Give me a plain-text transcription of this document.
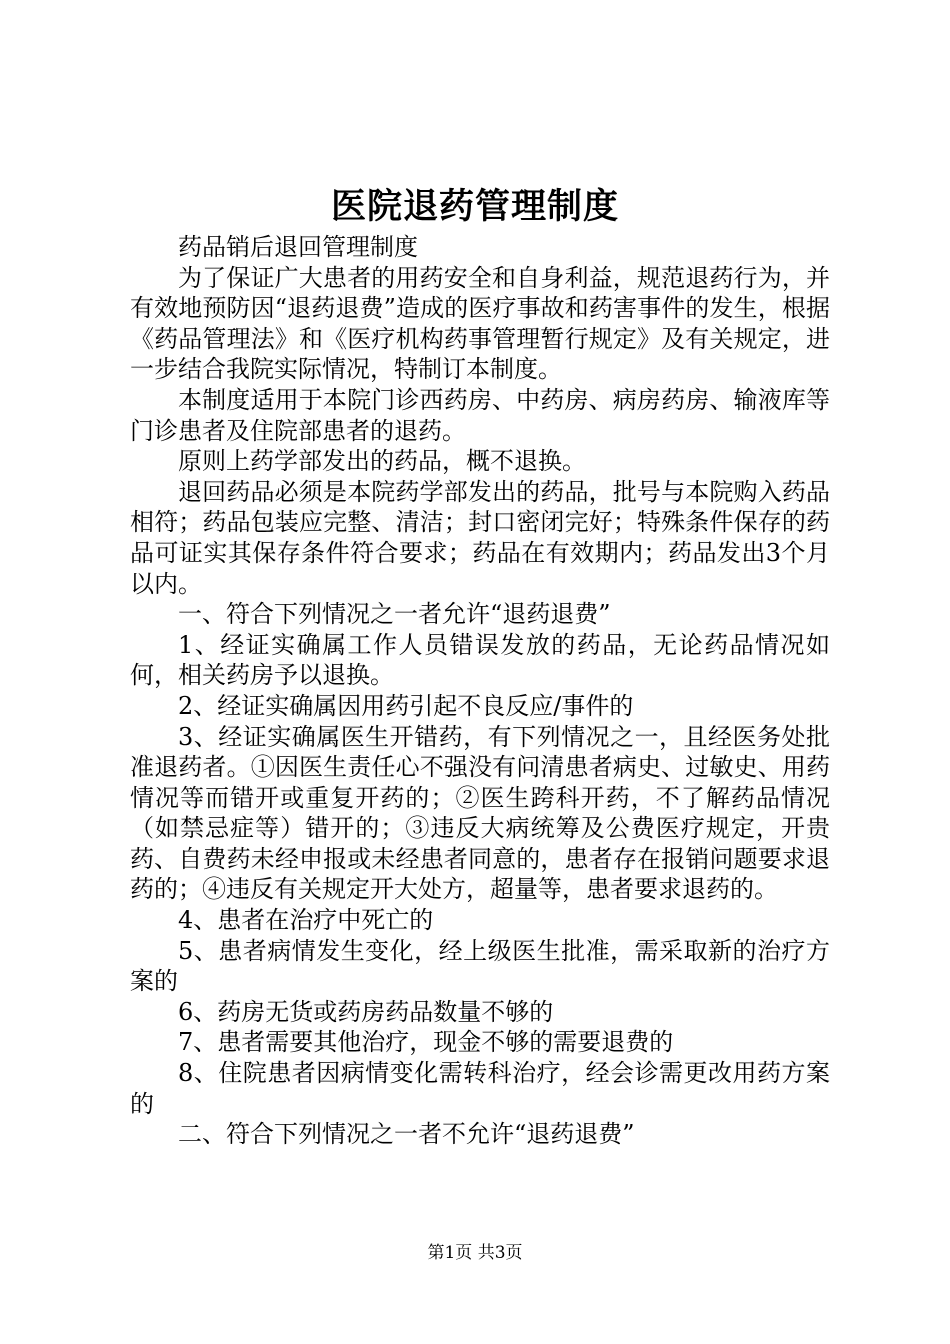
医院退药管理制度

药品销后退回管理制度

为了保证广大患者的用药安全和自身利益，规范退药行为，并有效地预防因“退药退费”造成的医疗事故和药害事件的发生，根据《药品管理法》和《医疗机构药事管理暂行规定》及有关规定，进一步结合我院实际情况，特制订本制度。

本制度适用于本院门诊西药房、中药房、病房药房、输液库等门诊患者及住院部患者的退药。

原则上药学部发出的药品，概不退换。

退回药品必须是本院药学部发出的药品，批号与本院购入药品相符；药品包装应完整、清洁；封口密闭完好；特殊条件保存的药品可证实其保存条件符合要求；药品在有效期内；药品发出3个月以内。

一、符合下列情况之一者允许“退药退费”

1、经证实确属工作人员错误发放的药品，无论药品情况如何，相关药房予以退换。

2、经证实确属因用药引起不良反应/事件的

3、经证实确属医生开错药，有下列情况之一，且经医务处批准退药者。①因医生责任心不强没有问清患者病史、过敏史、用药情况等而错开或重复开药的；②医生跨科开药，不了解药品情况（如禁忌症等）错开的；③违反大病统筹及公费医疗规定，开贵药、自费药未经申报或未经患者同意的，患者存在报销问题要求退药的；④违反有关规定开大处方，超量等，患者要求退药的。

4、患者在治疗中死亡的

5、患者病情发生变化，经上级医生批准，需采取新的治疗方案的

6、药房无货或药房药品数量不够的

7、患者需要其他治疗，现金不够的需要退费的

8、住院患者因病情变化需转科治疗，经会诊需更改用药方案的

二、符合下列情况之一者不允许“退药退费”

第1页 共3页
